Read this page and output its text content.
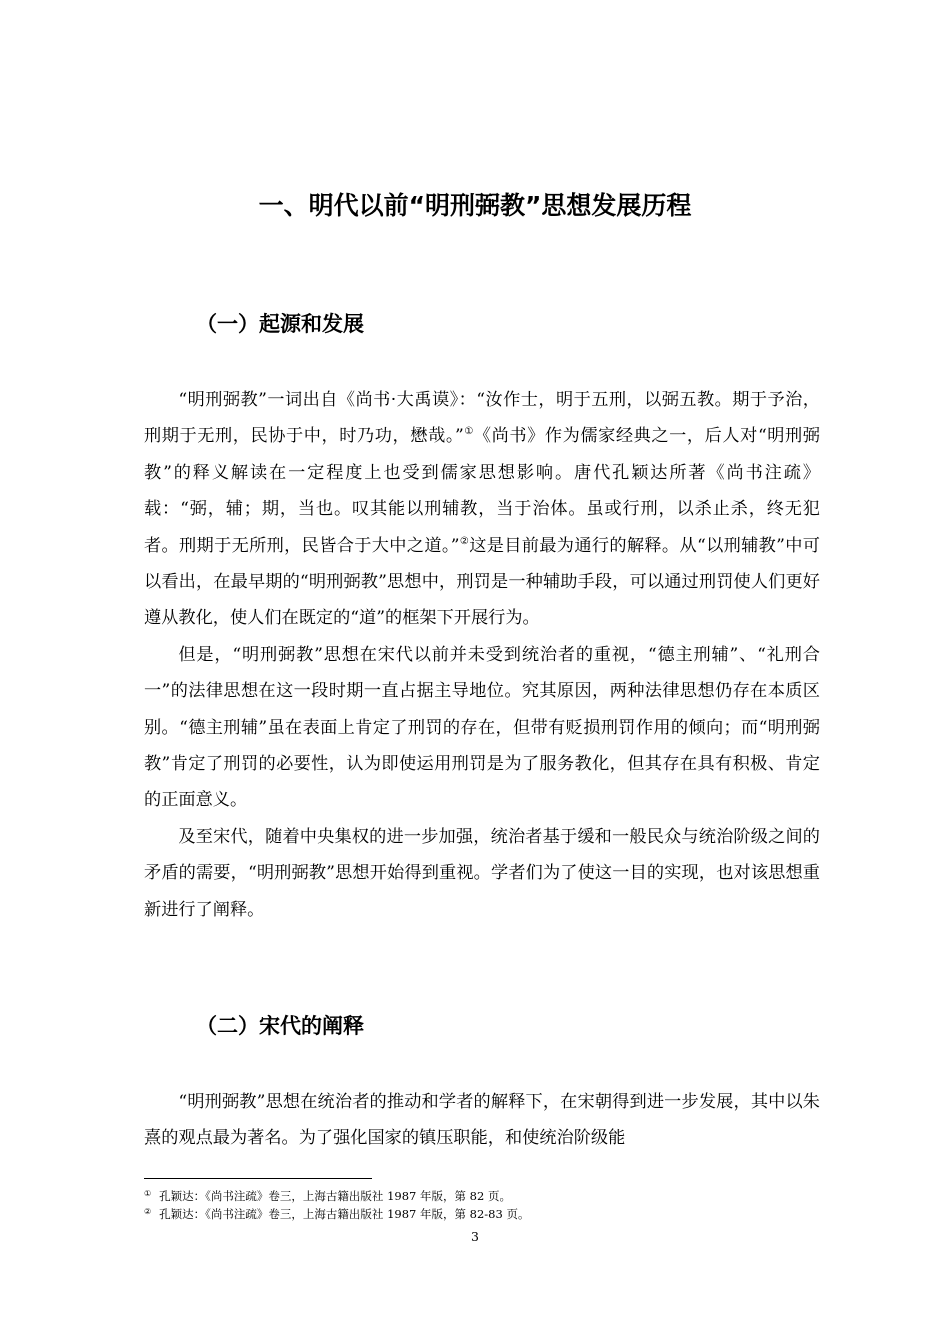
一、明代以前“明刑弼教”思想发展历程
（一）起源和发展

“明刑弼教”一词出自《尚书·大禹谟》：“汝作士，明于五刑，以弼五教。期于予治，刑期于无刑，民协于中，时乃功，懋哉。”①《尚书》作为儒家经典之一，后人对“明刑弼教”的释义解读在一定程度上也受到儒家思想影响。唐代孔颖达所著《尚书注疏》载：“弼，辅；期，当也。叹其能以刑辅教，当于治体。虽或行刑，以杀止杀，终无犯者。刑期于无所刑，民皆合于大中之道。”②这是目前最为通行的解释。从“以刑辅教”中可以看出，在最早期的“明刑弼教”思想中，刑罚是一种辅助手段，可以通过刑罚使人们更好遵从教化，使人们在既定的“道”的框架下开展行为。

但是，“明刑弼教”思想在宋代以前并未受到统治者的重视，“德主刑辅”、“礼刑合一”的法律思想在这一段时期一直占据主导地位。究其原因，两种法律思想仍存在本质区别。“德主刑辅”虽在表面上肯定了刑罚的存在，但带有贬损刑罚作用的倾向；而“明刑弼教”肯定了刑罚的必要性，认为即使运用刑罚是为了服务教化，但其存在具有积极、肯定的正面意义。

及至宋代，随着中央集权的进一步加强，统治者基于缓和一般民众与统治阶级之间的矛盾的需要，“明刑弼教”思想开始得到重视。学者们为了使这一目的实现，也对该思想重新进行了阐释。

（二）宋代的阐释

“明刑弼教”思想在统治者的推动和学者的解释下，在宋朝得到进一步发展，其中以朱熹的观点最为著名。为了强化国家的镇压职能，和使统治阶级能

① 孔颖达：《尚书注疏》卷三，上海古籍出版社 1987 年版，第 82 页。
② 孔颖达：《尚书注疏》卷三，上海古籍出版社 1987 年版，第 82-83 页。
3
